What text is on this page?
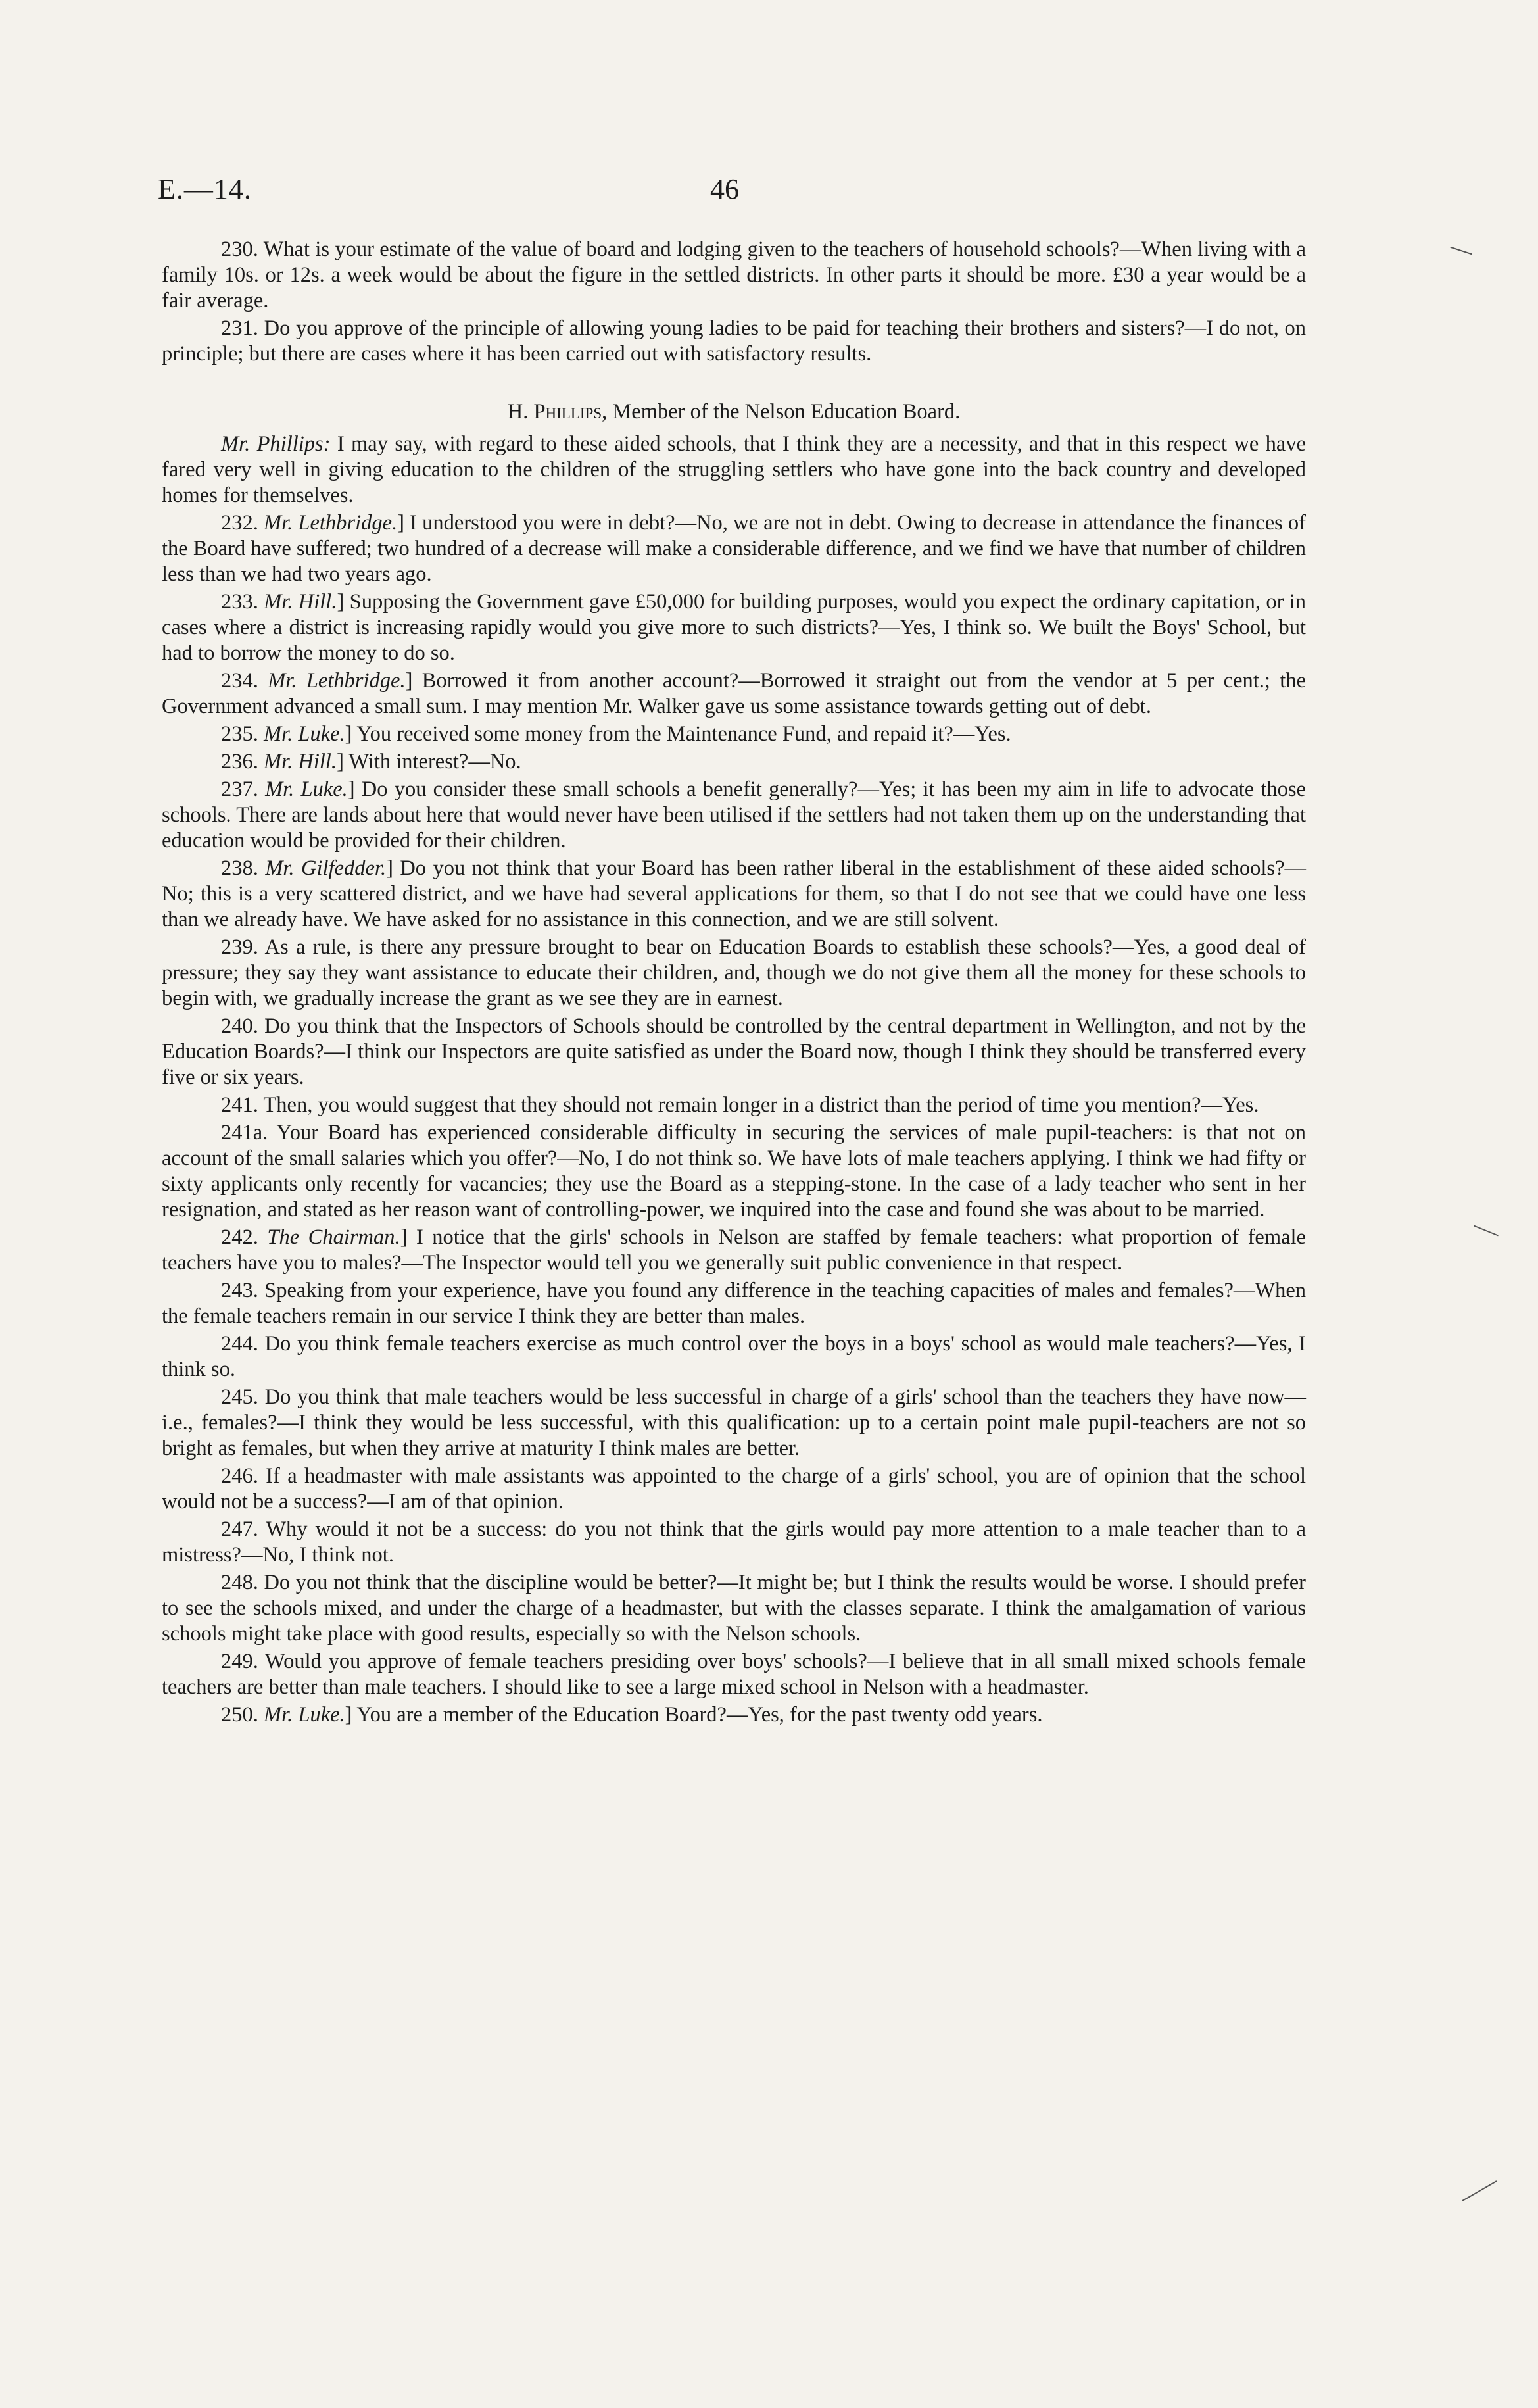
E.—14.	46

230. What is your estimate of the value of board and lodging given to the teachers of household schools?—When living with a family 10s. or 12s. a week would be about the figure in the settled districts. In other parts it should be more. £30 a year would be a fair average.

231. Do you approve of the principle of allowing young ladies to be paid for teaching their brothers and sisters?—I do not, on principle; but there are cases where it has been carried out with satisfactory results.

H. Phillips, Member of the Nelson Education Board.

Mr. Phillips: I may say, with regard to these aided schools, that I think they are a necessity, and that in this respect we have fared very well in giving education to the children of the struggling settlers who have gone into the back country and developed homes for themselves.

232. Mr. Lethbridge.] I understood you were in debt?—No, we are not in debt. Owing to decrease in attendance the finances of the Board have suffered; two hundred of a decrease will make a considerable difference, and we find we have that number of children less than we had two years ago.

233. Mr. Hill.] Supposing the Government gave £50,000 for building purposes, would you expect the ordinary capitation, or in cases where a district is increasing rapidly would you give more to such districts?—Yes, I think so. We built the Boys' School, but had to borrow the money to do so.

234. Mr. Lethbridge.] Borrowed it from another account?—Borrowed it straight out from the vendor at 5 per cent.; the Government advanced a small sum. I may mention Mr. Walker gave us some assistance towards getting out of debt.

235. Mr. Luke.] You received some money from the Maintenance Fund, and repaid it?—Yes.

236. Mr. Hill.] With interest?—No.

237. Mr. Luke.] Do you consider these small schools a benefit generally?—Yes; it has been my aim in life to advocate those schools. There are lands about here that would never have been utilised if the settlers had not taken them up on the understanding that education would be provided for their children.

238. Mr. Gilfedder.] Do you not think that your Board has been rather liberal in the establishment of these aided schools?—No; this is a very scattered district, and we have had several applications for them, so that I do not see that we could have one less than we already have. We have asked for no assistance in this connection, and we are still solvent.

239. As a rule, is there any pressure brought to bear on Education Boards to establish these schools?—Yes, a good deal of pressure; they say they want assistance to educate their children, and, though we do not give them all the money for these schools to begin with, we gradually increase the grant as we see they are in earnest.

240. Do you think that the Inspectors of Schools should be controlled by the central department in Wellington, and not by the Education Boards?—I think our Inspectors are quite satisfied as under the Board now, though I think they should be transferred every five or six years.

241. Then, you would suggest that they should not remain longer in a district than the period of time you mention?—Yes.

241a. Your Board has experienced considerable difficulty in securing the services of male pupil-teachers: is that not on account of the small salaries which you offer?—No, I do not think so. We have lots of male teachers applying. I think we had fifty or sixty applicants only recently for vacancies; they use the Board as a stepping-stone. In the case of a lady teacher who sent in her resignation, and stated as her reason want of controlling-power, we inquired into the case and found she was about to be married.

242. The Chairman.] I notice that the girls' schools in Nelson are staffed by female teachers: what proportion of female teachers have you to males?—The Inspector would tell you we generally suit public convenience in that respect.

243. Speaking from your experience, have you found any difference in the teaching capacities of males and females?—When the female teachers remain in our service I think they are better than males.

244. Do you think female teachers exercise as much control over the boys in a boys' school as would male teachers?—Yes, I think so.

245. Do you think that male teachers would be less successful in charge of a girls' school than the teachers they have now—i.e., females?—I think they would be less successful, with this qualification: up to a certain point male pupil-teachers are not so bright as females, but when they arrive at maturity I think males are better.

246. If a headmaster with male assistants was appointed to the charge of a girls' school, you are of opinion that the school would not be a success?—I am of that opinion.

247. Why would it not be a success: do you not think that the girls would pay more attention to a male teacher than to a mistress?—No, I think not.

248. Do you not think that the discipline would be better?—It might be; but I think the results would be worse. I should prefer to see the schools mixed, and under the charge of a headmaster, but with the classes separate. I think the amalgamation of various schools might take place with good results, especially so with the Nelson schools.

249. Would you approve of female teachers presiding over boys' schools?—I believe that in all small mixed schools female teachers are better than male teachers. I should like to see a large mixed school in Nelson with a headmaster.

250. Mr. Luke.] You are a member of the Education Board?—Yes, for the past twenty odd years.
